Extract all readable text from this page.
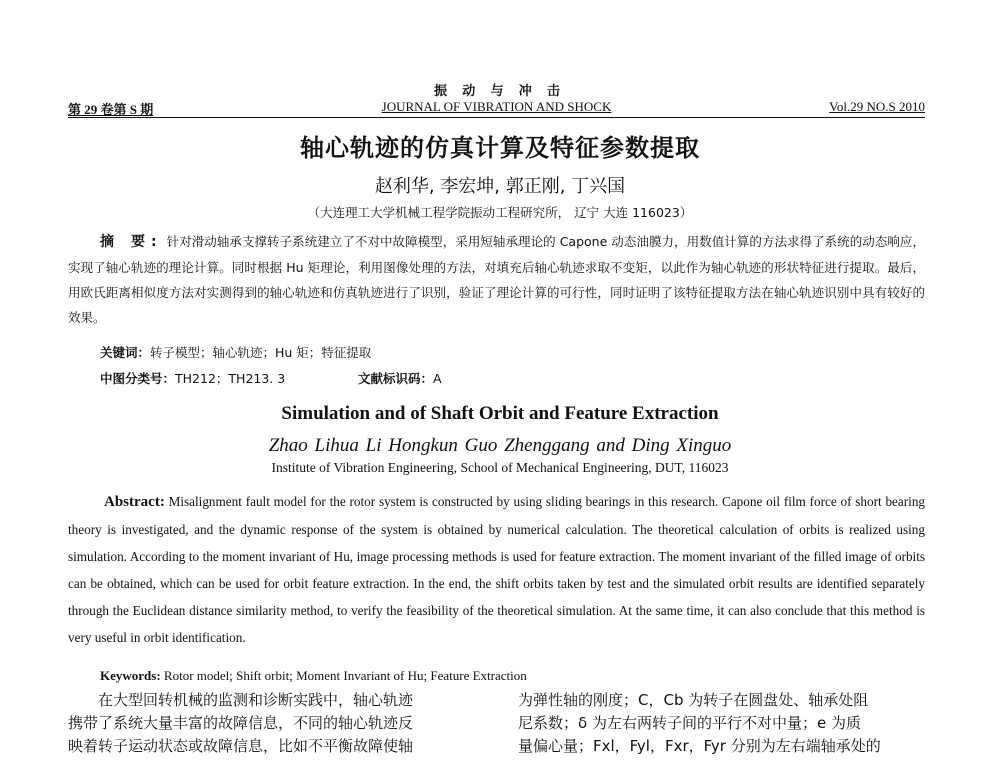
振 动 与 冲 击
第 29 卷第 S 期	JOURNAL OF VIBRATION AND SHOCK	Vol.29 NO.S 2010
轴心轨迹的仿真计算及特征参数提取
赵利华, 李宏坤, 郭正刚, 丁兴国
（大连理工大学机械工程学院振动工程研究所， 辽宁 大连 116023）
摘 要: 针对滑动轴承支撑转子系统建立了不对中故障模型，采用短轴承理论的 Capone 动态油膜力，用数值计算的方法求得了系统的动态响应，实现了轴心轨迹的理论计算。同时根据 Hu 矩理论，利用图像处理的方法，对填充后轴心轨迹求取不变矩，以此作为轴心轨迹的形状特征进行提取。最后，用欧氏距离相似度方法对实测得到的轴心轨迹和仿真轨迹进行了识别，验证了理论计算的可行性，同时证明了该特征提取方法在轴心轨迹识别中具有较好的效果。
关键词：转子模型；轴心轨迹；Hu 矩；特征提取
中图分类号：TH212；TH213. 3	文献标识码：A
Simulation and of Shaft Orbit and Feature Extraction
Zhao Lihua Li Hongkun Guo Zhenggang and Ding Xinguo
Institute of Vibration Engineering, School of Mechanical Engineering, DUT, 116023
Abstract: Misalignment fault model for the rotor system is constructed by using sliding bearings in this research. Capone oil film force of short bearing theory is investigated, and the dynamic response of the system is obtained by numerical calculation. The theoretical calculation of orbits is realized using simulation. According to the moment invariant of Hu, image processing methods is used for feature extraction. The moment invariant of the filled image of orbits can be obtained, which can be used for orbit feature extraction. In the end, the shift orbits taken by test and the simulated orbit results are identified separately through the Euclidean distance similarity method, to verify the feasibility of the theoretical simulation. At the same time, it can also conclude that this method is very useful in orbit identification.
Keywords: Rotor model; Shift orbit; Moment Invariant of Hu; Feature Extraction
在大型回转机械的监测和诊断实践中，轴心轨迹
携带了系统大量丰富的故障信息，不同的轴心轨迹反
映着转子运动状态或故障信息，比如不平衡故障使轴
为弹性轴的刚度；C，Cb 为转子在圆盘处、轴承处阻
尼系数；δ 为左右两转子间的平行不对中量；e 为质
量偏心量；Fxl，Fyl，Fxr，Fyr 分别为左右端轴承处的
